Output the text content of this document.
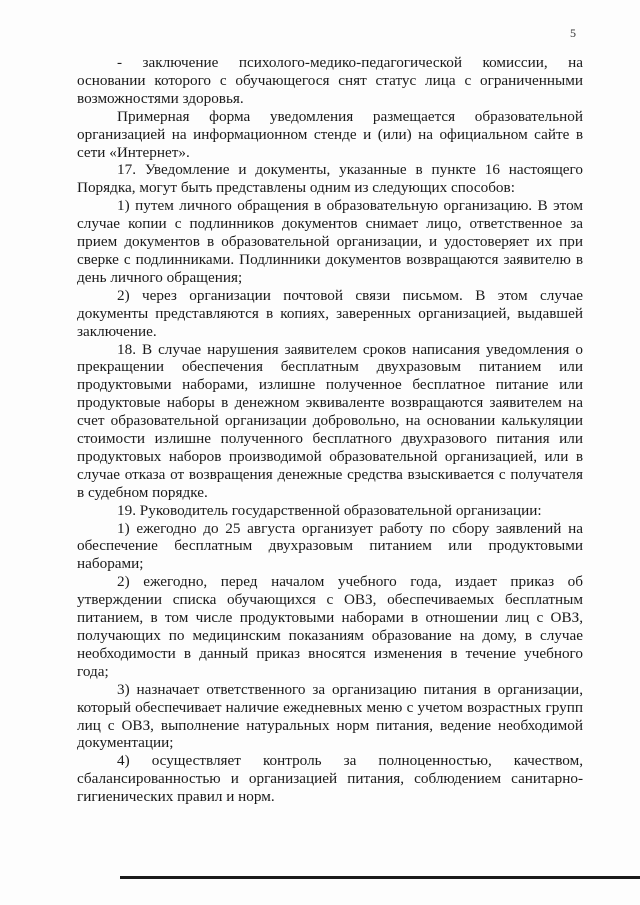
5

- заключение психолого-медико-педагогической комиссии, на основании которого с обучающегося снят статус лица с ограниченными возможностями здоровья.

Примерная форма уведомления размещается образовательной организацией на информационном стенде и (или) на официальном сайте в сети «Интернет».

17. Уведомление и документы, указанные в пункте 16 настоящего Порядка, могут быть представлены одним из следующих способов:

1) путем личного обращения в образовательную организацию. В этом случае копии с подлинников документов снимает лицо, ответственное за прием документов в образовательной организации, и удостоверяет их при сверке с подлинниками. Подлинники документов возвращаются заявителю в день личного обращения;

2) через организации почтовой связи письмом. В этом случае документы представляются в копиях, заверенных организацией, выдавшей заключение.

18. В случае нарушения заявителем сроков написания уведомления о прекращении обеспечения бесплатным двухразовым питанием или продуктовыми наборами, излишне полученное бесплатное питание или продуктовые наборы в денежном эквиваленте возвращаются заявителем на счет образовательной организации добровольно, на основании калькуляции стоимости излишне полученного бесплатного двухразового питания или продуктовых наборов производимой образовательной организацией, или в случае отказа от возвращения денежные средства взыскивается с получателя в судебном порядке.

19. Руководитель государственной образовательной организации:

1) ежегодно до 25 августа организует работу по сбору заявлений на обеспечение бесплатным двухразовым питанием или продуктовыми наборами;

2) ежегодно, перед началом учебного года, издает приказ об утверждении списка обучающихся с ОВЗ, обеспечиваемых бесплатным питанием, в том числе продуктовыми наборами в отношении лиц с ОВЗ, получающих по медицинским показаниям образование на дому, в случае необходимости в данный приказ вносятся изменения в течение учебного года;

3) назначает ответственного за организацию питания в организации, который обеспечивает наличие ежедневных меню с учетом возрастных групп лиц с ОВЗ, выполнение натуральных норм питания, ведение необходимой документации;

4) осуществляет контроль за полноценностью, качеством, сбалансированностью и организацией питания, соблюдением санитарно-гигиенических правил и норм.
